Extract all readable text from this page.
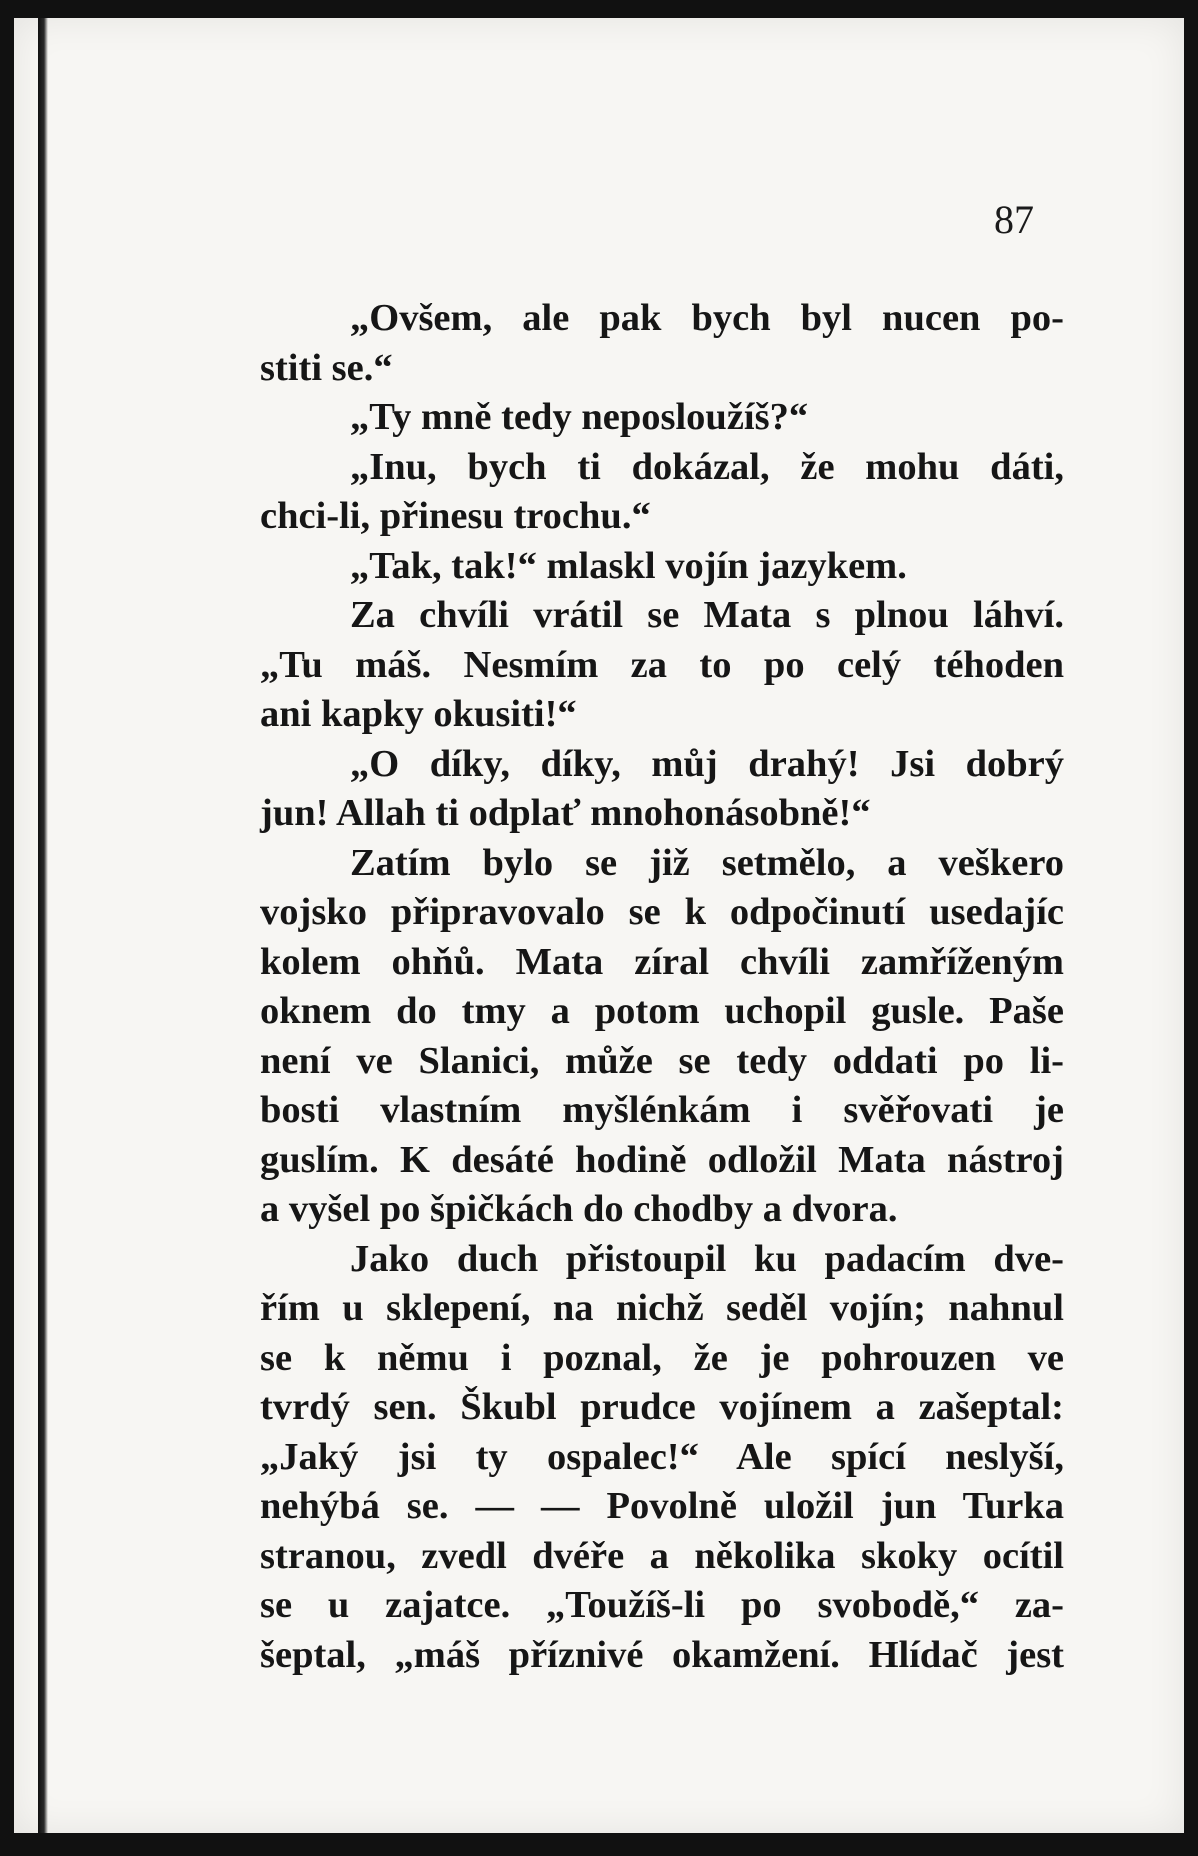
87
„Ovšem, ale pak bych byl nucen po-
stiti se.“
„Ty mně tedy neposloužíš?“
„Inu, bych ti dokázal, že mohu dáti,
chci-li, přinesu trochu.“
„Tak, tak!“ mlaskl vojín jazykem.
Za chvíli vrátil se Mata s plnou láhví.
„Tu máš. Nesmím za to po celý téhoden
ani kapky okusiti!“
„O díky, díky, můj drahý! Jsi dobrý
jun! Allah ti odplať mnohonásobně!“
Zatím bylo se již setmělo, a veškero
vojsko připravovalo se k odpočinutí usedajíc
kolem ohňů. Mata zíral chvíli zamříženým
oknem do tmy a potom uchopil gusle. Paše
není ve Slanici, může se tedy oddati po li-
bosti vlastním myšlénkám i svěřovati je
guslím. K desáté hodině odložil Mata nástroj
a vyšel po špičkách do chodby a dvora.
Jako duch přistoupil ku padacím dve-
řím u sklepení, na nichž seděl vojín; nahnul
se k němu i poznal, že je pohrouzen ve
tvrdý sen. Škubl prudce vojínem a zašeptal:
„Jaký jsi ty ospalec!“ Ale spící neslyší,
nehýbá se. — — Povolně uložil jun Turka
stranou, zvedl dvéře a několika skoky ocítil
se u zajatce. „Toužíš-li po svobodě,“ za-
šeptal, „máš příznivé okamžení. Hlídač jest
